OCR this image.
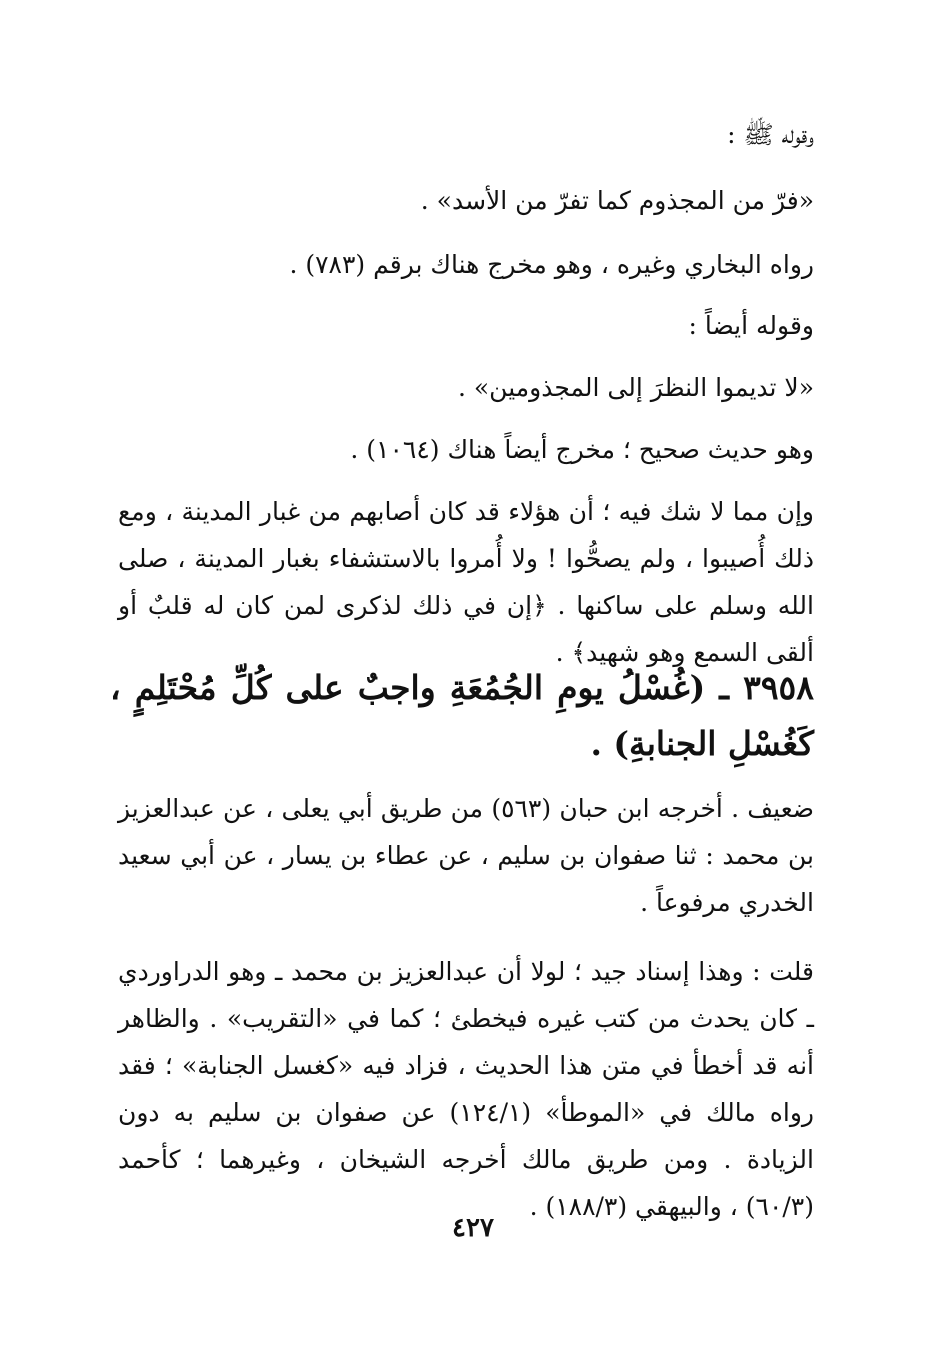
وقوله ﷺ :
«فرّ من المجذوم كما تفرّ من الأسد» .
رواه البخاري وغيره ، وهو مخرج هناك برقم (٧٨٣) .
وقوله أيضاً :
«لا تديموا النظرَ إلى المجذومين» .
وهو حديث صحيح ؛ مخرج أيضاً هناك (١٠٦٤) .
وإن مما لا شك فيه ؛ أن هؤلاء قد كان أصابهم من غبار المدينة ، ومع ذلك أُصيبوا ، ولم يصحُّوا ! ولا أُمروا بالاستشفاء بغبار المدينة ، صلى الله وسلم على ساكنها . ﴿إن في ذلك لذكرى لمن كان له قلبٌ أو ألقى السمع وهو شهيد﴾ .
٣٩٥٨ ـ (غُسْلُ يومِ الجُمُعَةِ واجبٌ على كُلِّ مُحْتَلِمٍ ، كَغُسْلِ الجنابةِ) .
ضعيف . أخرجه ابن حبان (٥٦٣) من طريق أبي يعلى ، عن عبدالعزيز بن محمد : ثنا صفوان بن سليم ، عن عطاء بن يسار ، عن أبي سعيد الخدري مرفوعاً .
قلت : وهذا إسناد جيد ؛ لولا أن عبدالعزيز بن محمد ـ وهو الدراوردي ـ كان يحدث من كتب غيره فيخطئ ؛ كما في «التقريب» . والظاهر أنه قد أخطأ في متن هذا الحديث ، فزاد فيه «كغسل الجنابة» ؛ فقد رواه مالك في «الموطأ» (١٢٤/١) عن صفوان بن سليم به دون الزيادة . ومن طريق مالك أخرجه الشيخان ، وغيرهما ؛ كأحمد (٦٠/٣) ، والبيهقي (١٨٨/٣) .
٤٢٧
